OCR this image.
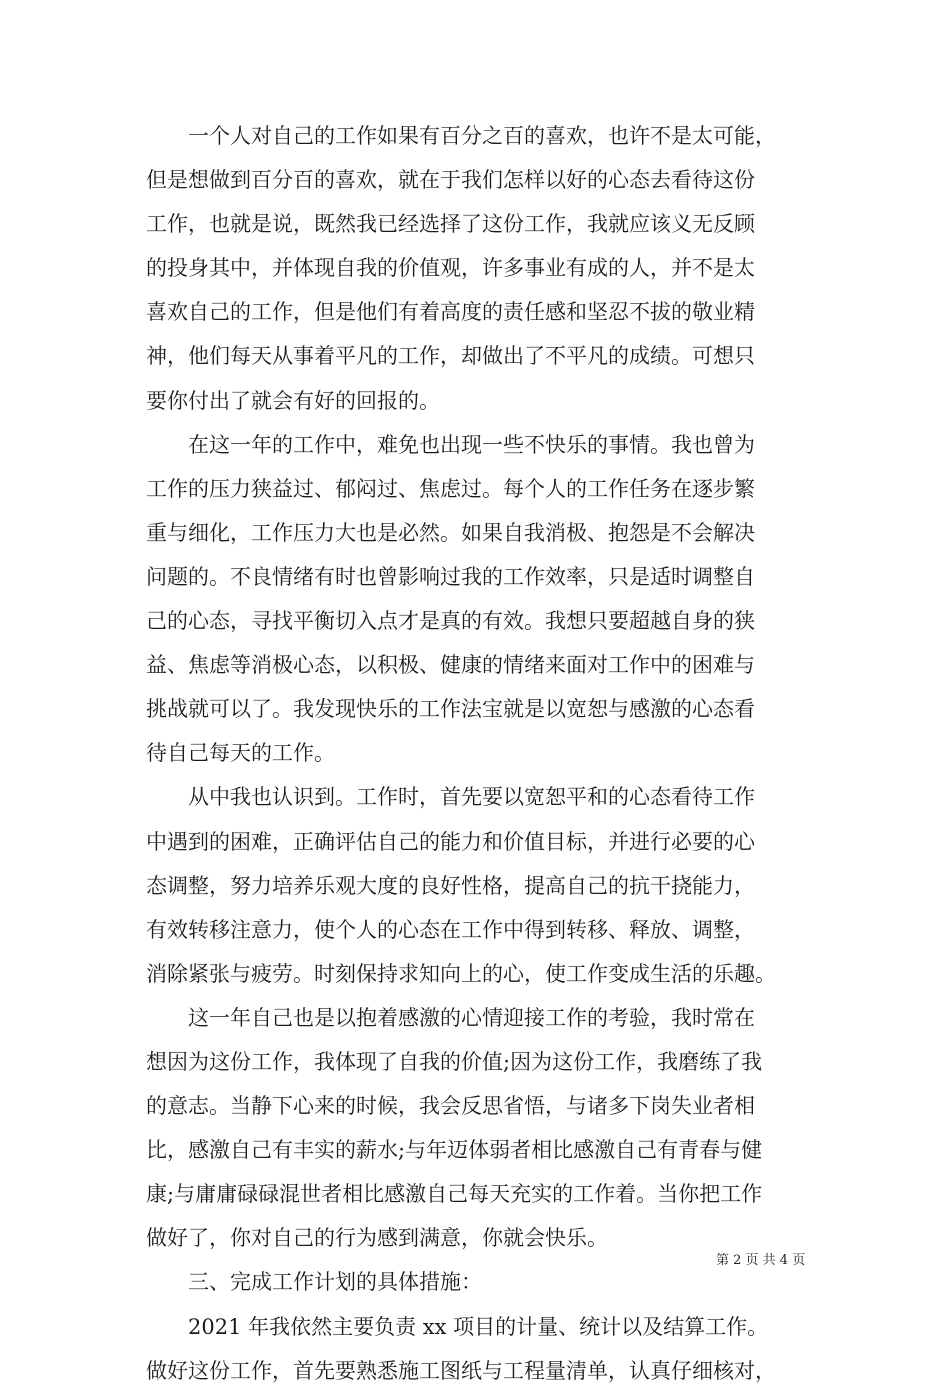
　　一个人对自己的工作如果有百分之百的喜欢，也许不是太可能，
但是想做到百分百的喜欢，就在于我们怎样以好的心态去看待这份
工作，也就是说，既然我已经选择了这份工作，我就应该义无反顾
的投身其中，并体现自我的价值观，许多事业有成的人，并不是太
喜欢自己的工作，但是他们有着高度的责任感和坚忍不拔的敬业精
神，他们每天从事着平凡的工作，却做出了不平凡的成绩。可想只
要你付出了就会有好的回报的。
　　在这一年的工作中，难免也出现一些不快乐的事情。我也曾为
工作的压力狭益过、郁闷过、焦虑过。每个人的工作任务在逐步繁
重与细化，工作压力大也是必然。如果自我消极、抱怨是不会解决
问题的。不良情绪有时也曾影响过我的工作效率，只是适时调整自
己的心态，寻找平衡切入点才是真的有效。我想只要超越自身的狭
益、焦虑等消极心态，以积极、健康的情绪来面对工作中的困难与
挑战就可以了。我发现快乐的工作法宝就是以宽恕与感激的心态看
待自己每天的工作。
　　从中我也认识到。工作时，首先要以宽恕平和的心态看待工作
中遇到的困难，正确评估自己的能力和价值目标，并进行必要的心
态调整，努力培养乐观大度的良好性格，提高自己的抗干挠能力，
有效转移注意力，使个人的心态在工作中得到转移、释放、调整，
消除紧张与疲劳。时刻保持求知向上的心，使工作变成生活的乐趣。
　　这一年自己也是以抱着感激的心情迎接工作的考验，我时常在
想因为这份工作，我体现了自我的价值;因为这份工作，我磨练了我
的意志。当静下心来的时候，我会反思省悟，与诸多下岗失业者相
比，感激自己有丰实的薪水;与年迈体弱者相比感激自己有青春与健
康;与庸庸碌碌混世者相比感激自己每天充实的工作着。当你把工作
做好了，你对自己的行为感到满意，你就会快乐。
　　三、完成工作计划的具体措施：
　　2021 年我依然主要负责 xx 项目的计量、统计以及结算工作。
做好这份工作，首先要熟悉施工图纸与工程量清单，认真仔细核对，
第 2 页 共 4 页
